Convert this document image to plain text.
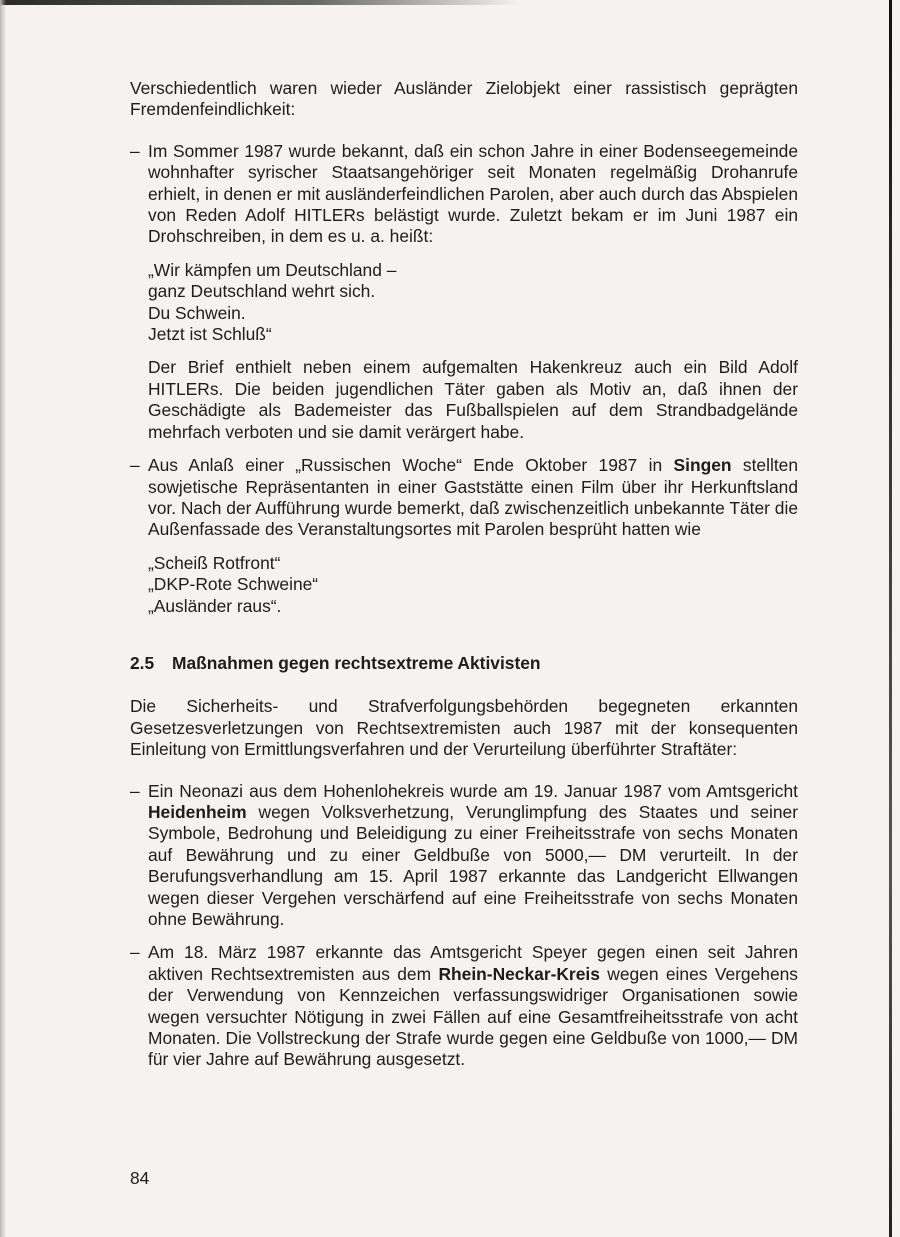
Verschiedentlich waren wieder Ausländer Zielobjekt einer rassistisch geprägten Fremdenfeindlichkeit:

– Im Sommer 1987 wurde bekannt, daß ein schon Jahre in einer Bodenseegemeinde wohnhafter syrischer Staatsangehöriger seit Monaten regelmäßig Drohanrufe erhielt, in denen er mit ausländerfeindlichen Parolen, aber auch durch das Abspielen von Reden Adolf HITLERs belästigt wurde. Zuletzt bekam er im Juni 1987 ein Drohschreiben, in dem es u. a. heißt:

„Wir kämpfen um Deutschland –
ganz Deutschland wehrt sich.
Du Schwein.
Jetzt ist Schluß“

Der Brief enthielt neben einem aufgemalten Hakenkreuz auch ein Bild Adolf HITLERs. Die beiden jugendlichen Täter gaben als Motiv an, daß ihnen der Geschädigte als Bademeister das Fußballspielen auf dem Strandbadgelände mehrfach verboten und sie damit verärgert habe.

– Aus Anlaß einer „Russischen Woche“ Ende Oktober 1987 in Singen stellten sowjetische Repräsentanten in einer Gaststätte einen Film über ihr Herkunftsland vor. Nach der Aufführung wurde bemerkt, daß zwischenzeitlich unbekannte Täter die Außenfassade des Veranstaltungsortes mit Parolen besprüht hatten wie

„Scheiß Rotfront“
„DKP-Rote Schweine“
„Ausländer raus“.
2.5 Maßnahmen gegen rechtsextreme Aktivisten

Die Sicherheits- und Strafverfolgungsbehörden begegneten erkannten Gesetzesverletzungen von Rechtsextremisten auch 1987 mit der konsequenten Einleitung von Ermittlungsverfahren und der Verurteilung überführter Straftäter:

– Ein Neonazi aus dem Hohenlohekreis wurde am 19. Januar 1987 vom Amtsgericht Heidenheim wegen Volksverhetzung, Verunglimpfung des Staates und seiner Symbole, Bedrohung und Beleidigung zu einer Freiheitsstrafe von sechs Monaten auf Bewährung und zu einer Geldbuße von 5000,— DM verurteilt. In der Berufungsverhandlung am 15. April 1987 erkannte das Landgericht Ellwangen wegen dieser Vergehen verschärfend auf eine Freiheitsstrafe von sechs Monaten ohne Bewährung.

– Am 18. März 1987 erkannte das Amtsgericht Speyer gegen einen seit Jahren aktiven Rechtsextremisten aus dem Rhein-Neckar-Kreis wegen eines Vergehens der Verwendung von Kennzeichen verfassungswidriger Organisationen sowie wegen versuchter Nötigung in zwei Fällen auf eine Gesamtfreiheitsstrafe von acht Monaten. Die Vollstreckung der Strafe wurde gegen eine Geldbuße von 1000,— DM für vier Jahre auf Bewährung ausgesetzt.

84
